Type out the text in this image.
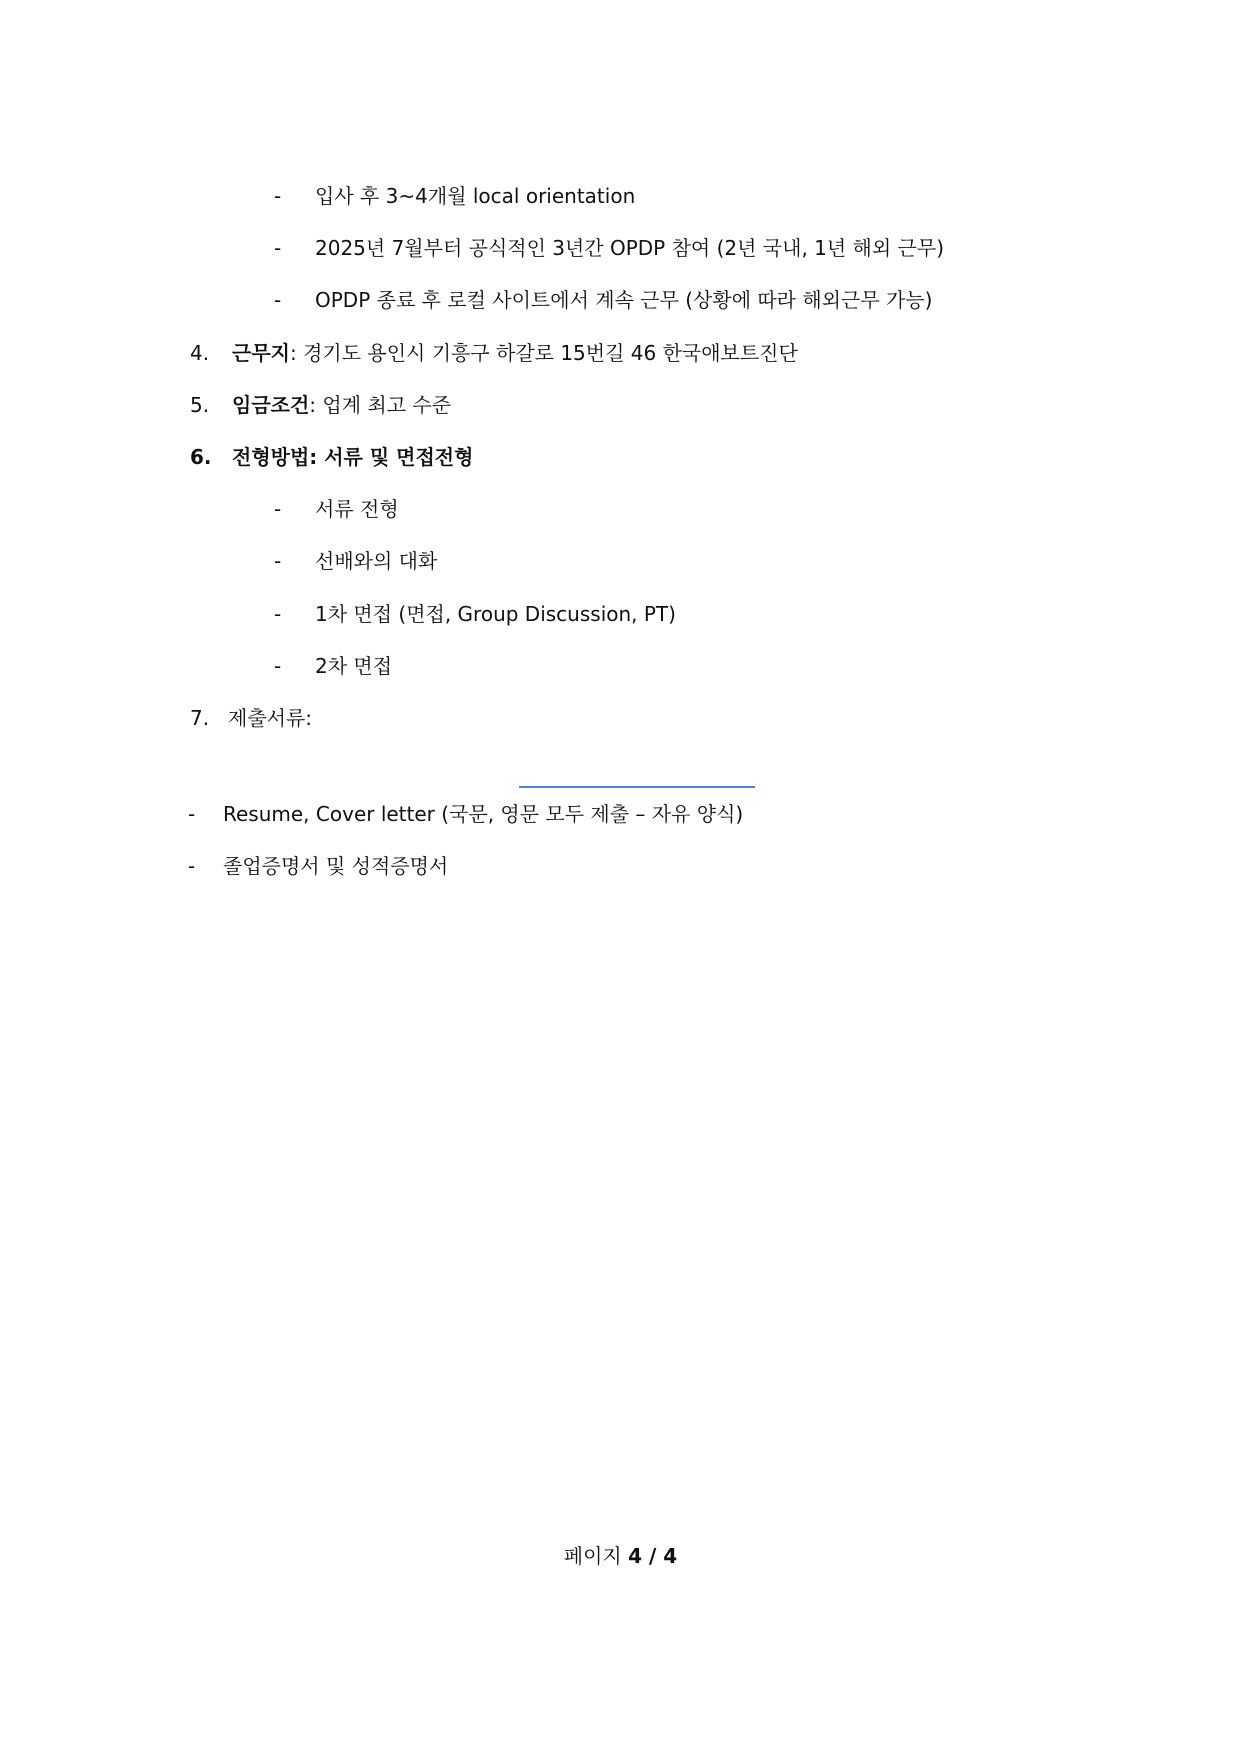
- 입사 후 3~4개월 local orientation
- 2025년 7월부터 공식적인 3년간 OPDP 참여 (2년 국내, 1년 해외 근무)
- OPDP 종료 후 로컬 사이트에서 계속 근무 (상황에 따라 해외근무 가능)
4. 근무지: 경기도 용인시 기흥구 하갈로 15번길 46 한국애보트진단
5. 임금조건: 업계 최고 수준
6. 전형방법: 서류 및 면접전형
- 서류 전형
- 선배와의 대화
- 1차 면접 (면접, Group Discussion, PT)
- 2차 면접
7. 제출서류:
- Resume, Cover letter (국문, 영문 모두 제출 – 자유 양식)
- 졸업증명서 및 성적증명서
페이지 4 / 4
